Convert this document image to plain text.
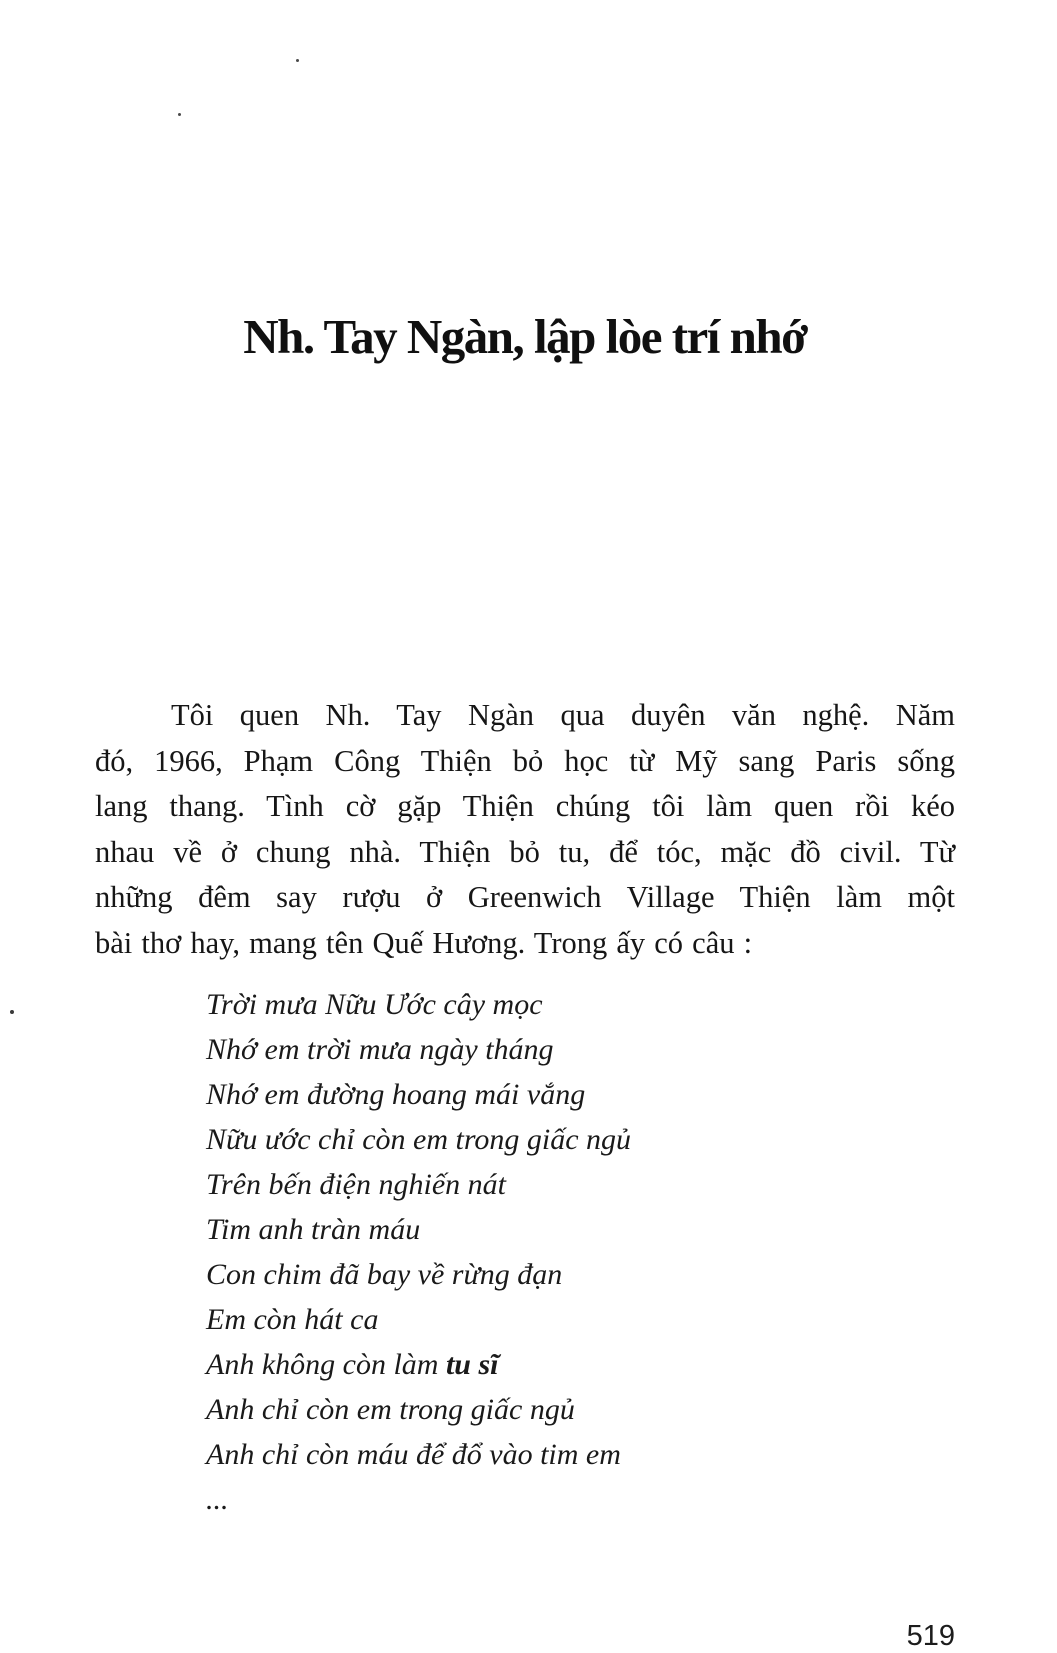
Nh. Tay Ngàn, lập lòe trí nhớ
Tôi quen Nh. Tay Ngàn qua duyên văn nghệ. Năm
đó, 1966, Phạm Công Thiện bỏ học từ Mỹ sang Paris sống
lang thang. Tình cờ gặp Thiện chúng tôi làm quen rồi kéo
nhau về ở chung nhà. Thiện bỏ tu, để tóc, mặc đồ civil. Từ
những đêm say rượu ở Greenwich Village Thiện làm một
bài thơ hay, mang tên Quế Hương. Trong ấy có câu :
Trời mưa Nữu Ước cây mọc
Nhớ em trời mưa ngày tháng
Nhớ em đường hoang mái vắng
Nữu ước chỉ còn em trong giấc ngủ
Trên bến điện nghiến nát
Tim anh tràn máu
Con chim đã bay về rừng đạn
Em còn hát ca
Anh không còn làm tu sĩ
Anh chỉ còn em trong giấc ngủ
Anh chỉ còn máu để đổ vào tim em
...
519
